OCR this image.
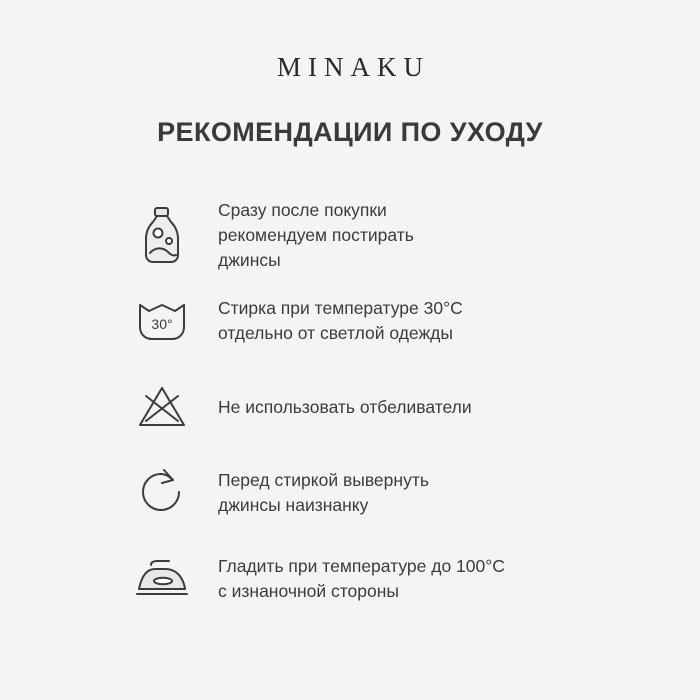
MINAKU
РЕКОМЕНДАЦИИ ПО УХОДУ
Сразу после покупки
рекомендуем постирать
джинсы
30°
Стирка при температуре 30°С
отдельно от светлой одежды
Не использовать отбеливатели
Перед стиркой вывернуть
джинсы наизнанку
Гладить при температуре до 100°С
с изнаночной стороны
